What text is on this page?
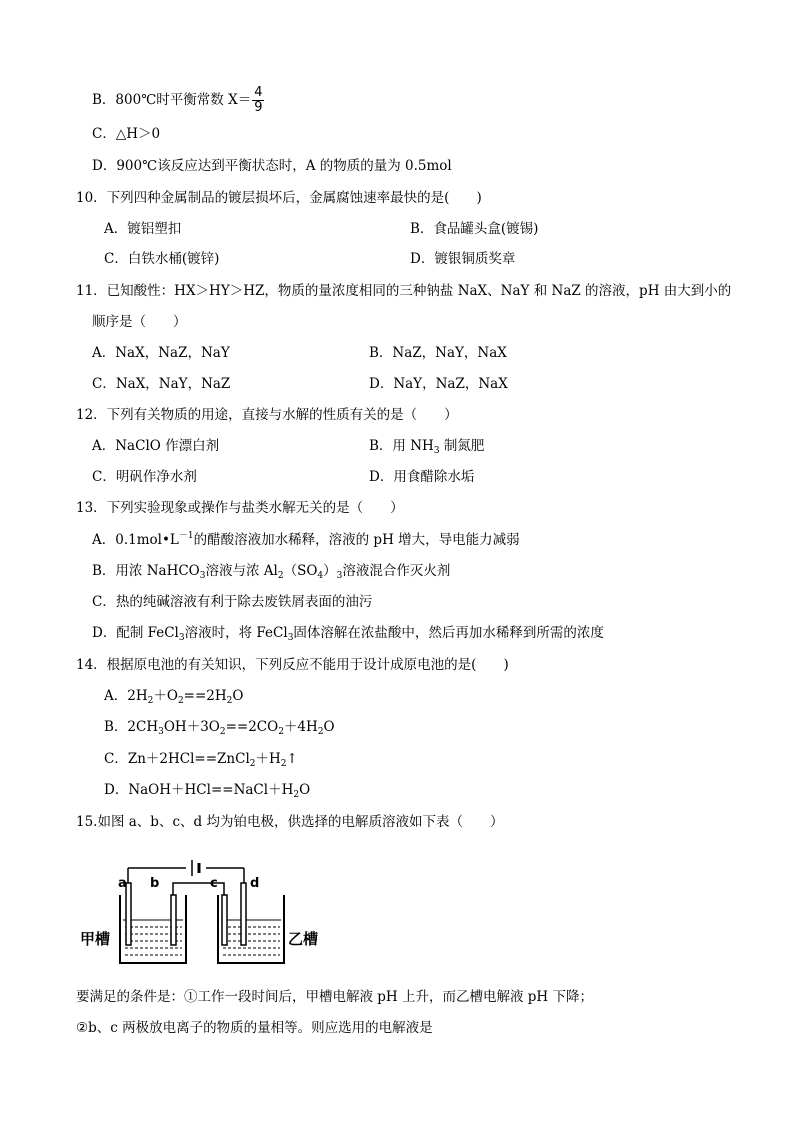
B．800℃时平衡常数 $X= \frac{4}{9}$
C．△H＞0
D．900℃该反应达到平衡状态时，A 的物质的量为 0.5mol
10．下列四种金属制品的镀层损坏后，金属腐蚀速率最快的是(　　)
A．镀铝塑扣	B．食品罐头盒(镀锡)
C．白铁水桶(镀锌)	D．镀银铜质奖章
11．已知酸性：HX＞HY＞HZ，物质的量浓度相同的三种钠盐 NaX、NaY 和 NaZ 的溶液，pH 由大到小的
顺序是（　　）
A．NaX，NaZ，NaY	B．NaZ，NaY，NaX
C．NaX，NaY，NaZ	D．NaY，NaZ，NaX
12．下列有关物质的用途，直接与水解的性质有关的是（　　）
A．NaClO 作漂白剂	B．用 $NH_3$ 制氮肥
C．明矾作净水剂	D．用食醋除水垢
13．下列实验现象或操作与盐类水解无关的是（　　）
A．$0.1mol•L^{-1}$的醋酸溶液加水稀释，溶液的 pH 增大，导电能力减弱
B．用浓 NaHCO$_3$溶液与浓 $Al_2(SO_4)_3$溶液混合作灭火剂
C．热的纯碱溶液有利于除去废铁屑表面的油污
D．配制 FeCl$_3$溶液时，将 FeCl$_3$固体溶解在浓盐酸中，然后再加水稀释到所需的浓度
14．根据原电池的有关知识，下列反应不能用于设计成原电池的是(　　)
A．$2H_2+O_2==2H_2O$
B．$2CH_3OH+3O_2==2CO_2+4H_2O$
C．$Zn+2HCl==ZnCl_2+H_2↑$
D．$NaOH+HCl==NaCl+H_2O$
15.如图 a、b、c、d 均为铂电极，供选择的电解质溶液如下表（　　）
a b	c d
甲槽	乙槽
要满足的条件是：①工作一段时间后，甲槽电解液 pH 上升，而乙槽电解液 pH 下降；
②b、c 两极放电离子的物质的量相等。则应选用的电解液是
